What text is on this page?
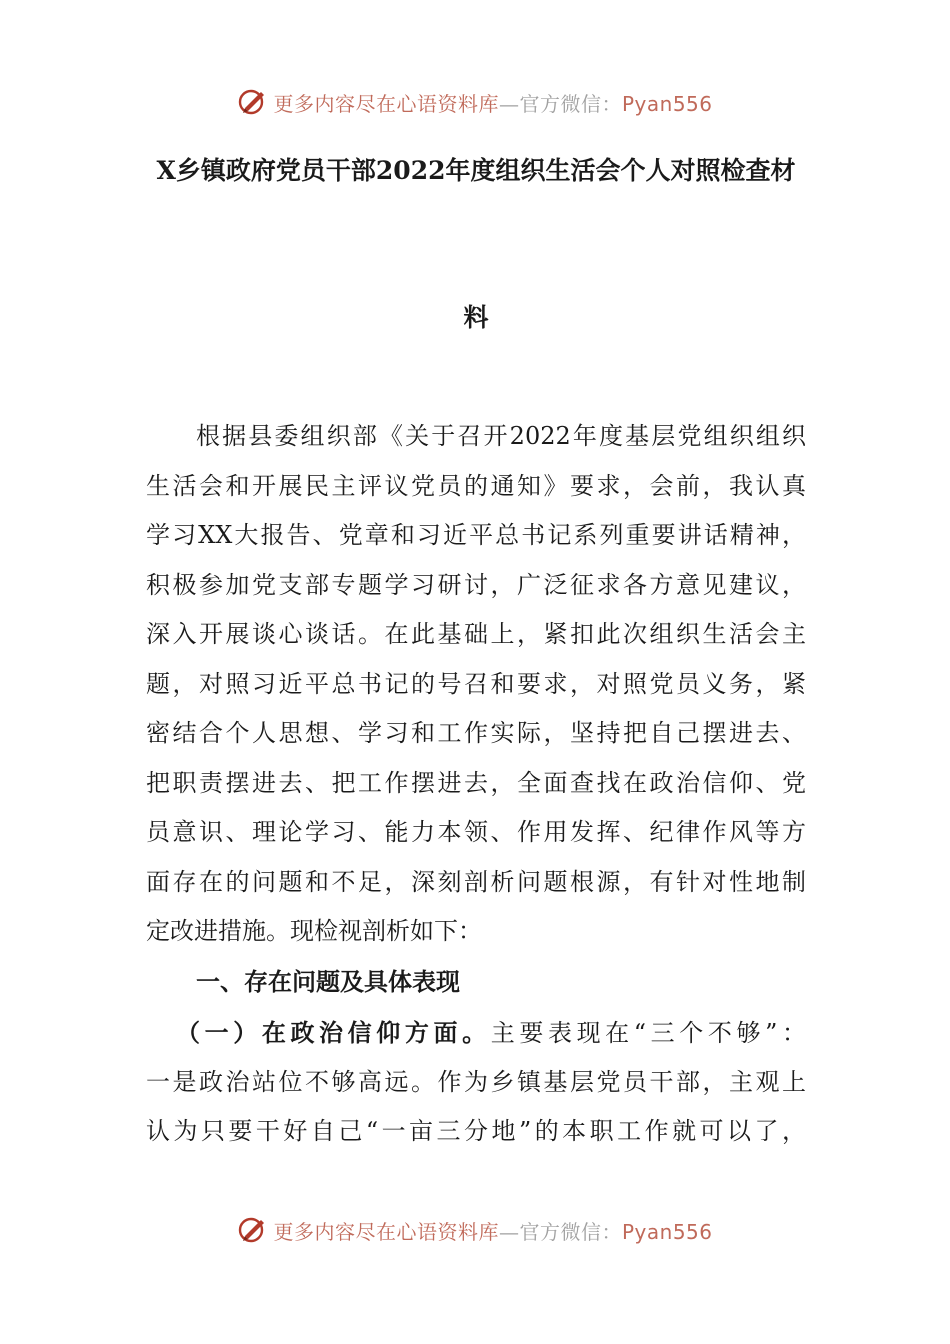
更多内容尽在心语资料库—官方微信：Pyan556
X乡镇政府党员干部2022年度组织生活会个人对照检查材
料
根据县委组织部《关于召开2022年度基层党组织组织
生活会和开展民主评议党员的通知》要求，会前，我认真
学习XX大报告、党章和习近平总书记系列重要讲话精神，
积极参加党支部专题学习研讨，广泛征求各方意见建议，
深入开展谈心谈话。在此基础上，紧扣此次组织生活会主
题，对照习近平总书记的号召和要求，对照党员义务，紧
密结合个人思想、学习和工作实际，坚持把自己摆进去、
把职责摆进去、把工作摆进去，全面查找在政治信仰、党
员意识、理论学习、能力本领、作用发挥、纪律作风等方
面存在的问题和不足，深刻剖析问题根源，有针对性地制
定改进措施。现检视剖析如下：
一、存在问题及具体表现
（一）在政治信仰方面。主要表现在“三个不够”：
一是政治站位不够高远。作为乡镇基层党员干部，主观上
认为只要干好自己“一亩三分地”的本职工作就可以了，
更多内容尽在心语资料库—官方微信：Pyan556
